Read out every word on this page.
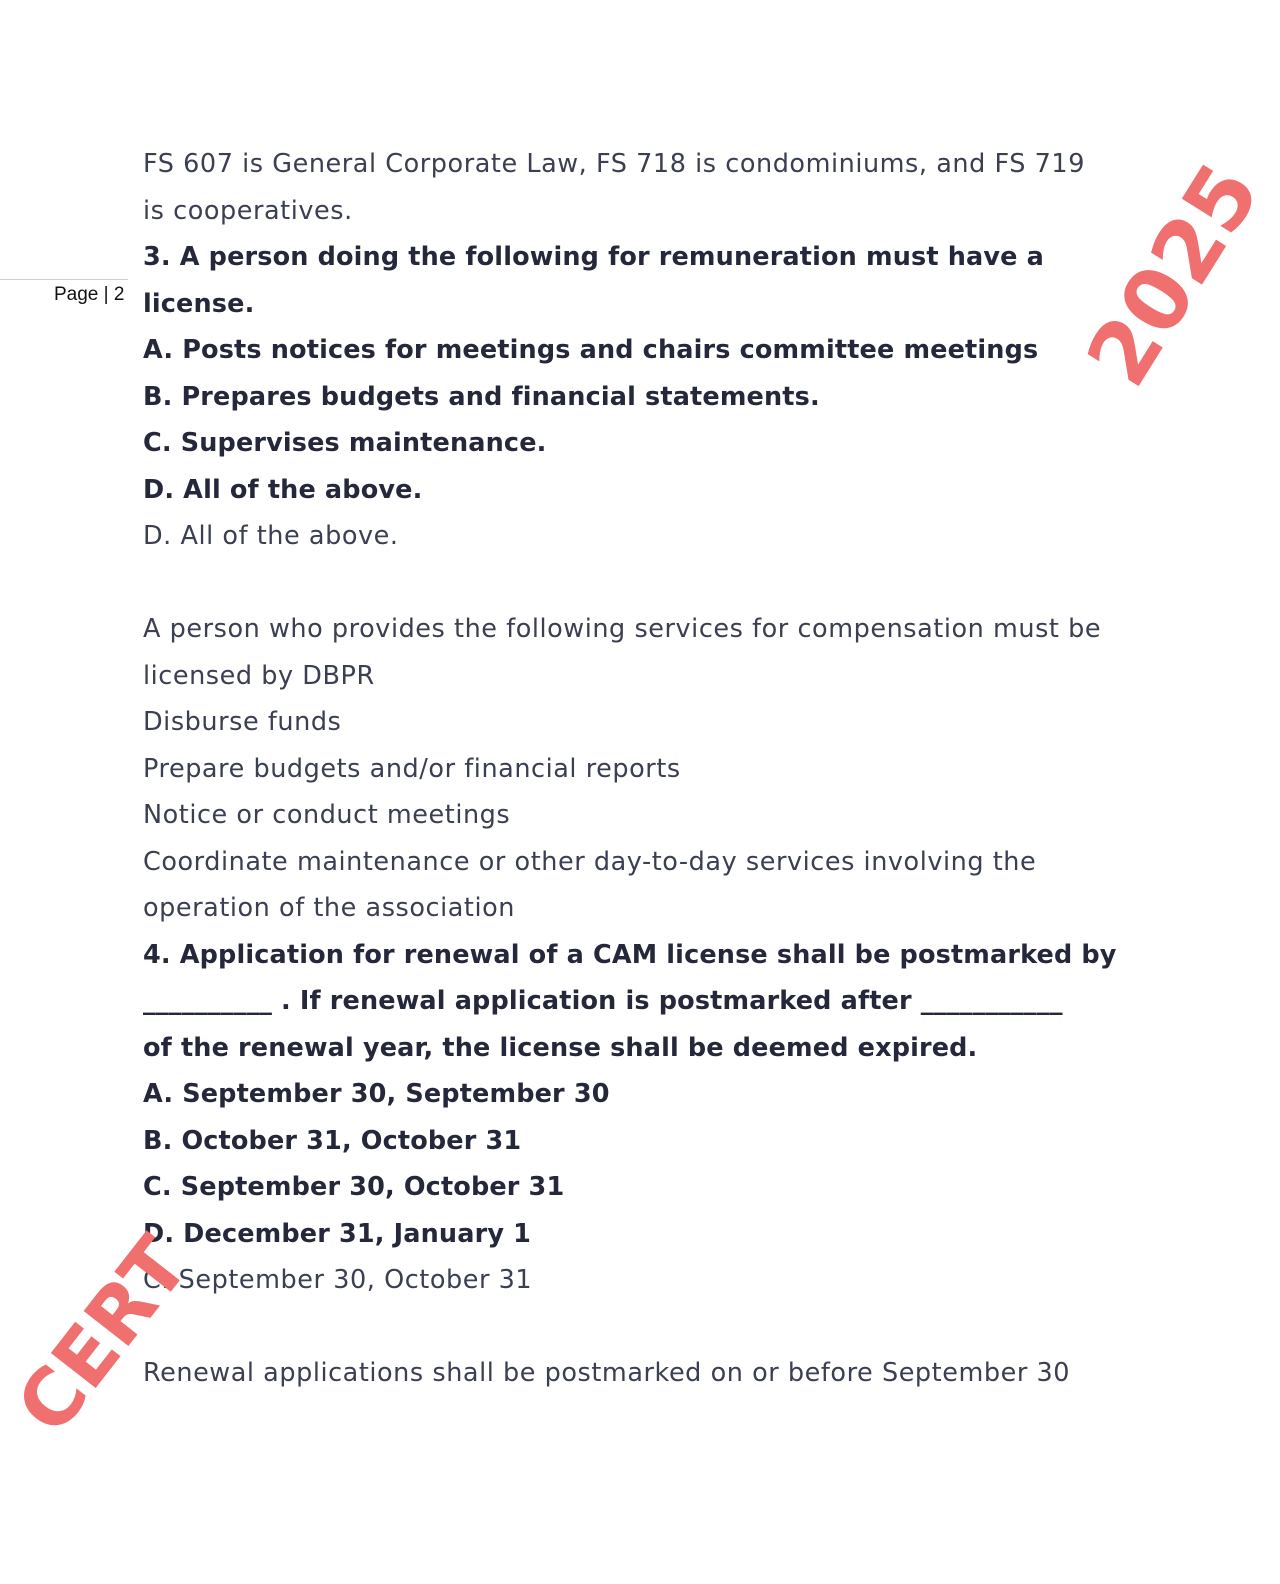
Page | 2
FS 607 is General Corporate Law, FS 718 is condominiums, and FS 719
is cooperatives.
3. A person doing the following for remuneration must have a
license.
A. Posts notices for meetings and chairs committee meetings
B. Prepares budgets and financial statements.
C. Supervises maintenance.
D. All of the above.
D. All of the above.
A person who provides the following services for compensation must be
licensed by DBPR
Disburse funds
Prepare budgets and/or financial reports
Notice or conduct meetings
Coordinate maintenance or other day-to-day services involving the
operation of the association
4. Application for renewal of a CAM license shall be postmarked by
__________ . If renewal application is postmarked after ___________
of the renewal year, the license shall be deemed expired.
A. September 30, September 30
B. October 31, October 31
C. September 30, October 31
D. December 31, January 1
C. September 30, October 31
Renewal applications shall be postmarked on or before September 30
2025
CERT
